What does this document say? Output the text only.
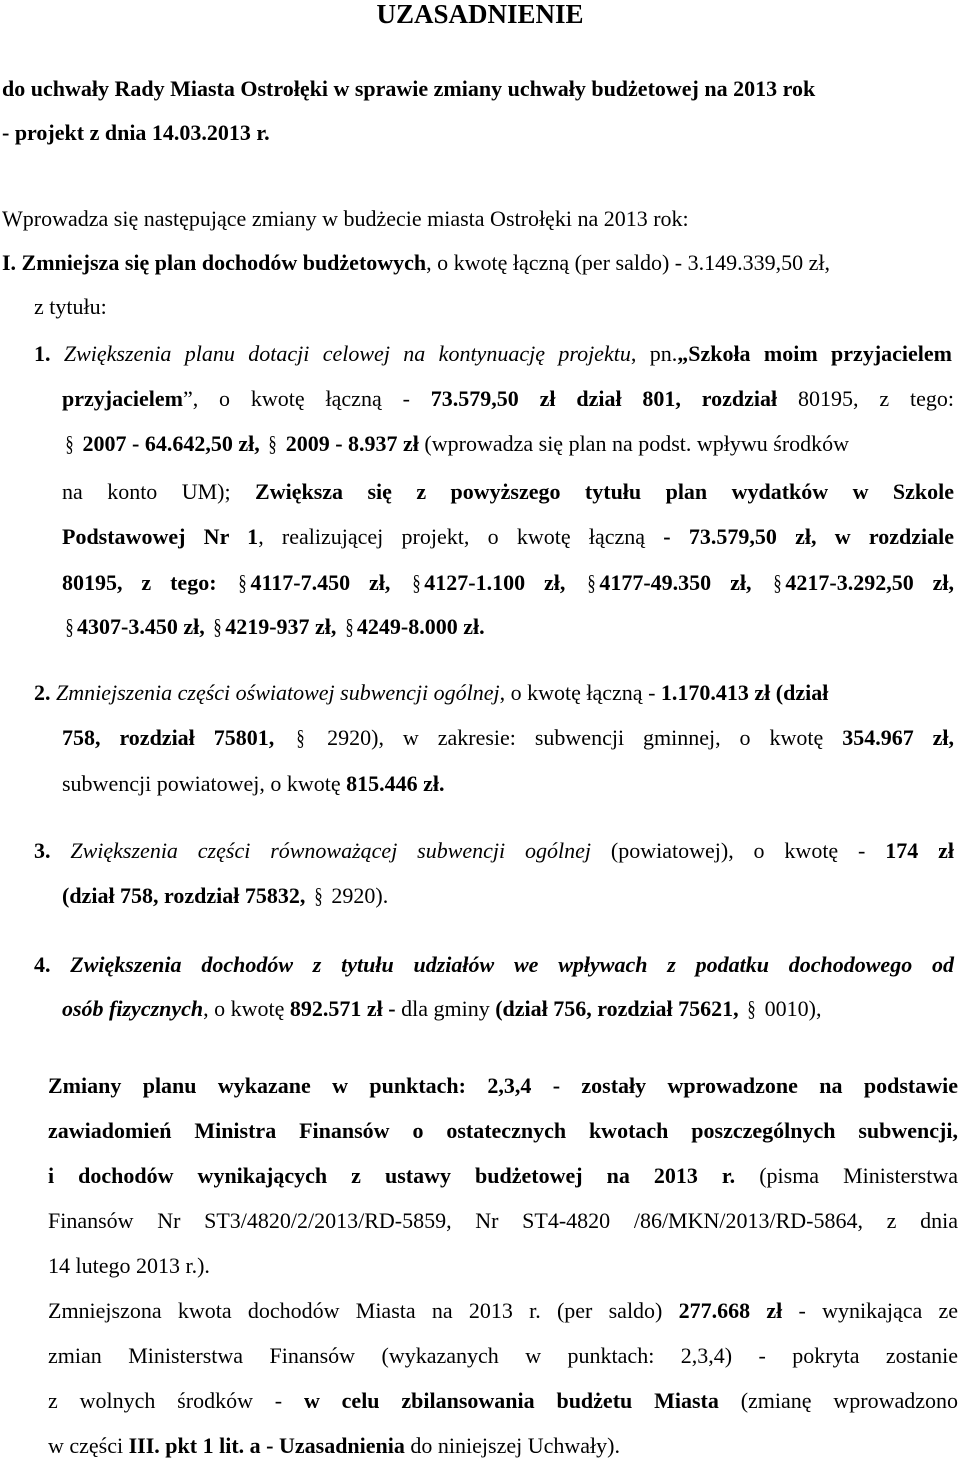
UZASADNIENIE
do uchwały Rady Miasta Ostrołęki w sprawie zmiany uchwały budżetowej na 2013 rok
- projekt z dnia 14.03.2013 r.
Wprowadza się następujące zmiany w budżecie miasta Ostrołęki na 2013 rok:
I. Zmniejsza się plan dochodów budżetowych, o kwotę łączną (per saldo) - 3.149.339,50 zł,
z tytułu:
1. Zwiększenia planu dotacji celowej na kontynuację projektu, pn.„Szkoła moim przyjacielem
przyjacielem”, o kwotę łączną - 73.579,50 zł dział 801, rozdział 80195, z tego:
§ 2007 - 64.642,50 zł, § 2009 - 8.937 zł (wprowadza się plan na podst. wpływu środków
na konto UM); Zwiększa się z powyższego tytułu plan wydatków w Szkole
Podstawowej Nr 1, realizującej projekt, o kwotę łączną - 73.579,50 zł, w rozdziale
80195, z tego: § 4117-7.450 zł, § 4127-1.100 zł, § 4177-49.350 zł, § 4217-3.292,50 zł,
§ 4307-3.450 zł, § 4219-937 zł, § 4249-8.000 zł.
2. Zmniejszenia części oświatowej subwencji ogólnej, o kwotę łączną - 1.170.413 zł (dział
758, rozdział 75801, § 2920), w zakresie: subwencji gminnej, o kwotę 354.967 zł,
subwencji powiatowej, o kwotę 815.446 zł.
3. Zwiększenia części równoważącej subwencji ogólnej (powiatowej), o kwotę - 174 zł
(dział 758, rozdział 75832, § 2920).
4. Zwiększenia dochodów z tytułu udziałów we wpływach z podatku dochodowego od
osób fizycznych, o kwotę 892.571 zł - dla gminy (dział 756, rozdział 75621, § 0010),
Zmiany planu wykazane w punktach: 2,3,4 - zostały wprowadzone na podstawie
zawiadomień Ministra Finansów o ostatecznych kwotach poszczególnych subwencji,
i dochodów wynikających z ustawy budżetowej na 2013 r. (pisma Ministerstwa
Finansów Nr ST3/4820/2/2013/RD-5859, Nr ST4-4820 /86/MKN/2013/RD-5864, z dnia
14 lutego 2013 r.).
Zmniejszona kwota dochodów Miasta na 2013 r. (per saldo) 277.668 zł - wynikająca ze
zmian Ministerstwa Finansów (wykazanych w punktach: 2,3,4) - pokryta zostanie
z wolnych środków - w celu zbilansowania budżetu Miasta (zmianę wprowadzono
w części III. pkt 1 lit. a - Uzasadnienia do niniejszej Uchwały).
